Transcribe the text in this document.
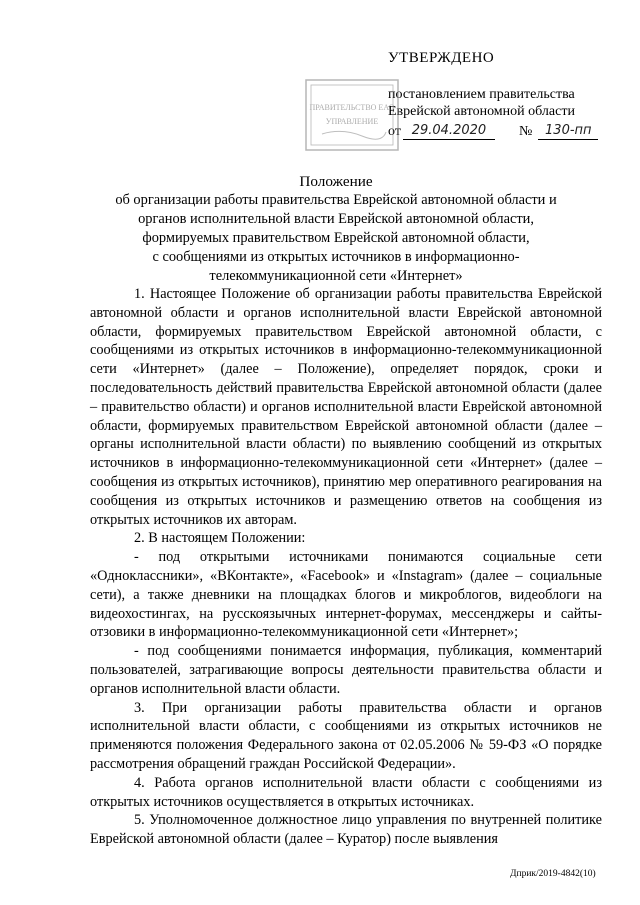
УТВЕРЖДЕНО
постановлением правительства
Еврейской автономной области
от 29.04.2020	№ 130-пп
ПРАВИТЕЛЬСТВО ЕАО
УПРАВЛЕНИЕ
Положение
об организации работы правительства Еврейской автономной области и
органов исполнительной власти Еврейской автономной области,
формируемых правительством Еврейской автономной области,
с сообщениями из открытых источников в информационно-
телекоммуникационной сети «Интернет»

1. Настоящее Положение об организации работы правительства Еврейской автономной области и органов исполнительной власти Еврейской автономной области, формируемых правительством Еврейской автономной области, с сообщениями из открытых источников в информационно-телекоммуникационной сети «Интернет» (далее – Положение), определяет порядок, сроки и последовательность действий правительства Еврейской автономной области (далее – правительство области) и органов исполнительной власти Еврейской автономной области, формируемых правительством Еврейской автономной области (далее – органы исполнительной власти области) по выявлению сообщений из открытых источников в информационно-телекоммуникационной сети «Интернет» (далее – сообщения из открытых источников), принятию мер оперативного реагирования на сообщения из открытых источников и размещению ответов на сообщения из открытых источников их авторам.

2. В настоящем Положении:

- под открытыми источниками понимаются социальные сети «Одноклассники», «ВКонтакте», «Facebook» и «Instagram» (далее – социальные сети), а также дневники на площадках блогов и микроблогов, видеоблоги на видеохостингах, на русскоязычных интернет-форумах, мессенджеры и сайты-отзовики в информационно-телекоммуникационной сети «Интернет»;

- под сообщениями понимается информация, публикация, комментарий пользователей, затрагивающие вопросы деятельности правительства области и органов исполнительной власти области.

3. При организации работы правительства области и органов исполнительной власти области, с сообщениями из открытых источников не применяются положения Федерального закона от 02.05.2006 № 59-ФЗ «О порядке рассмотрения обращений граждан Российской Федерации».

4. Работа органов исполнительной власти области с сообщениями из открытых источников осуществляется в открытых источниках.

5. Уполномоченное должностное лицо управления по внутренней политике Еврейской автономной области (далее – Куратор) после выявления

Дприк/2019-4842(10)
